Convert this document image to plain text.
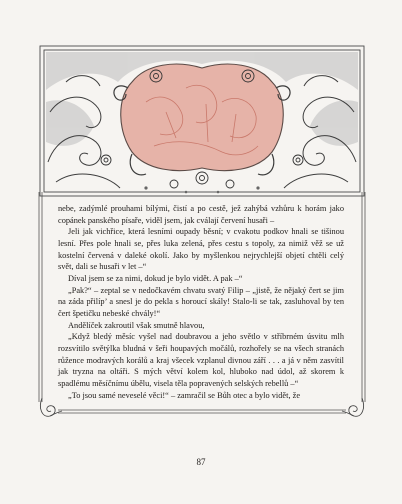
nebe, zadýmlé prouhami bílými, čistí a po cestě, jež zahýbá vzhůru k horám jako copánek panského písaře, viděl jsem, jak cválají červení husaři –

Jeli jak vichřice, která lesními oupady běsní; v cvakotu podkov hnali se tišinou lesní. Přes pole hnali se, přes luka zelená, přes cestu s topoly, za nimiž věž se už kostelní červená v daleké okolí. Jako by myšlenkou nejrychlejší objetí chtěli celý svět, dali se husaři v let –“

Díval jsem se za nimi, dokud je bylo vidět. A pak –“

„Pak?“ – zeptal se v nedočkavém chvatu svatý Filip – „jistě, že nějaký čert se jim na záda přilíp’ a snesl je do pekla s horoucí skály! Stalo-li se tak, zasluhoval by ten čert špetičku nebeské chvály!“

Andělíček zakroutil však smutně hlavou,

„Když bledý měsíc vyšel nad doubravou a jeho světlo v stříbrném úsvitu mlh rozsvítilo světýlka bludná v šeři houpavých močálů, rozhořely se na všech stranách růžence modravých korálů a kraj všecek vzplanul divnou září . . . a já v něm zasvítil jak tryzna na oltáři. S mých větví kolem kol, hluboko nad údol, až skorem k spadlému měsíčnímu úbělu, visela těla popravených selských rebellů –“

„To jsou samé neveselé věci!“ – zamračil se Bůh otec a bylo vidět, že

87
